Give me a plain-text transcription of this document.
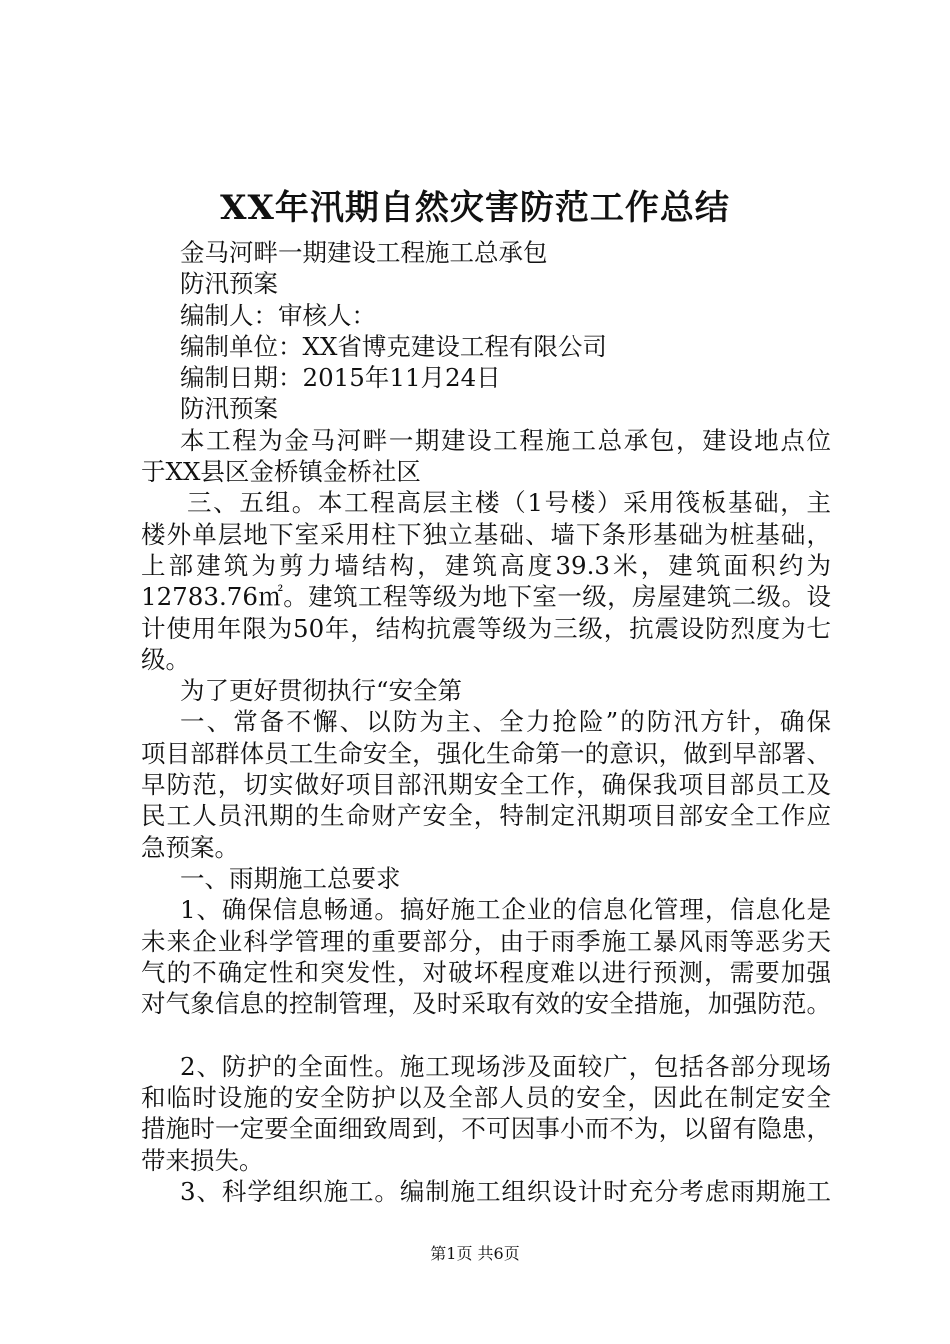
XX年汛期自然灾害防范工作总结
金马河畔一期建设工程施工总承包
防汛预案
编制人：审核人：
编制单位：XX省博克建设工程有限公司
编制日期：2015年11月24日
防汛预案
本工程为金马河畔一期建设工程施工总承包，建设地点位
于XX县区金桥镇金桥社区
三、五组。本工程高层主楼（1号楼）采用筏板基础，主
楼外单层地下室采用柱下独立基础、墙下条形基础为桩基础，
上部建筑为剪力墙结构，建筑高度39.3米，建筑面积约为
12783.76㎡。建筑工程等级为地下室一级，房屋建筑二级。设
计使用年限为50年，结构抗震等级为三级，抗震设防烈度为七
级。
为了更好贯彻执行“安全第
一、常备不懈、以防为主、全力抢险”的防汛方针，确保
项目部群体员工生命安全，强化生命第一的意识，做到早部署、
早防范，切实做好项目部汛期安全工作，确保我项目部员工及
民工人员汛期的生命财产安全，特制定汛期项目部安全工作应
急预案。
一、雨期施工总要求
1、确保信息畅通。搞好施工企业的信息化管理，信息化是
未来企业科学管理的重要部分，由于雨季施工暴风雨等恶劣天
气的不确定性和突发性，对破坏程度难以进行预测，需要加强
对气象信息的控制管理，及时采取有效的安全措施，加强防范。
2、防护的全面性。施工现场涉及面较广，包括各部分现场
和临时设施的安全防护以及全部人员的安全，因此在制定安全
措施时一定要全面细致周到，不可因事小而不为，以留有隐患，
带来损失。
3、科学组织施工。编制施工组织设计时充分考虑雨期施工
第1页 共6页
